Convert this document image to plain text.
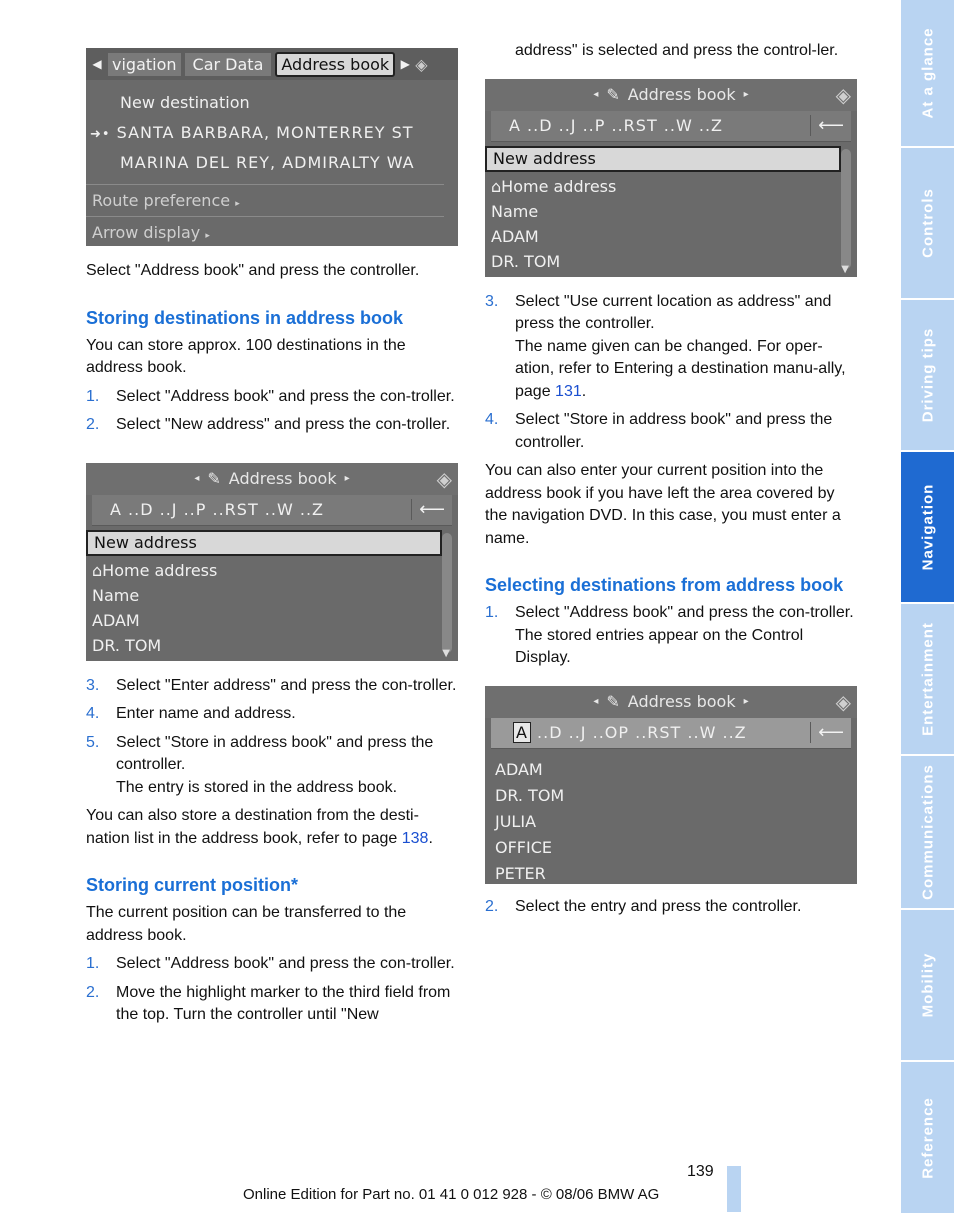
◀ vigation	Car Data	Address book ▶ ◈
New destination
➜• SANTA BARBARA, MONTERREY ST
MARINA DEL REY, ADMIRALTY WA
Route preference ▸
Arrow display ▸

Select "Address book" and press the controller.

Storing destinations in address book

You can store approx. 100 destinations in the address book.

1. Select "Address book" and press the con-troller.
2. Select "New address" and press the con-troller.
◂ ✎ Address book ▸	◈
A ..D ..J ..P ..RST ..W ..Z	⟵
New address
⌂Home address
Name
ADAM
DR. TOM	▼
3. Select "Enter address" and press the con-troller.
4. Enter name and address.
5. Select "Store in address book" and press the controller.
The entry is stored in the address book.

You can also store a destination from the desti-nation list in the address book, refer to page 138.

Storing current position*

The current position can be transferred to the address book.

1. Select "Address book" and press the con-troller.
2. Move the highlight marker to the third field from the top. Turn the controller until "New

address" is selected and press the control-ler.

◂ ✎ Address book ▸	◈
A ..D ..J ..P ..RST ..W ..Z	⟵
New address
⌂Home address
Name
ADAM
DR. TOM	▼
3. Select "Use current location as address" and press the controller.
The name given can be changed. For oper-ation, refer to Entering a destination manu-ally, page 131.
4. Select "Store in address book" and press the controller.

You can also enter your current position into the address book if you have left the area covered by the navigation DVD. In this case, you must enter a name.

Selecting destinations from address book
1. Select "Address book" and press the con-troller.
The stored entries appear on the Control Display.
◂ ✎ Address book ▸	◈
A ..D ..J ..OP ..RST ..W ..Z	⟵
ADAM
DR. TOM
JULIA
OFFICE
PETER
2. Select the entry and press the controller.
At a glance
Controls
Driving tips
Navigation
Entertainment
Communications
Mobility
Reference
139
Online Edition for Part no. 01 41 0 012 928 - © 08/06 BMW AG
